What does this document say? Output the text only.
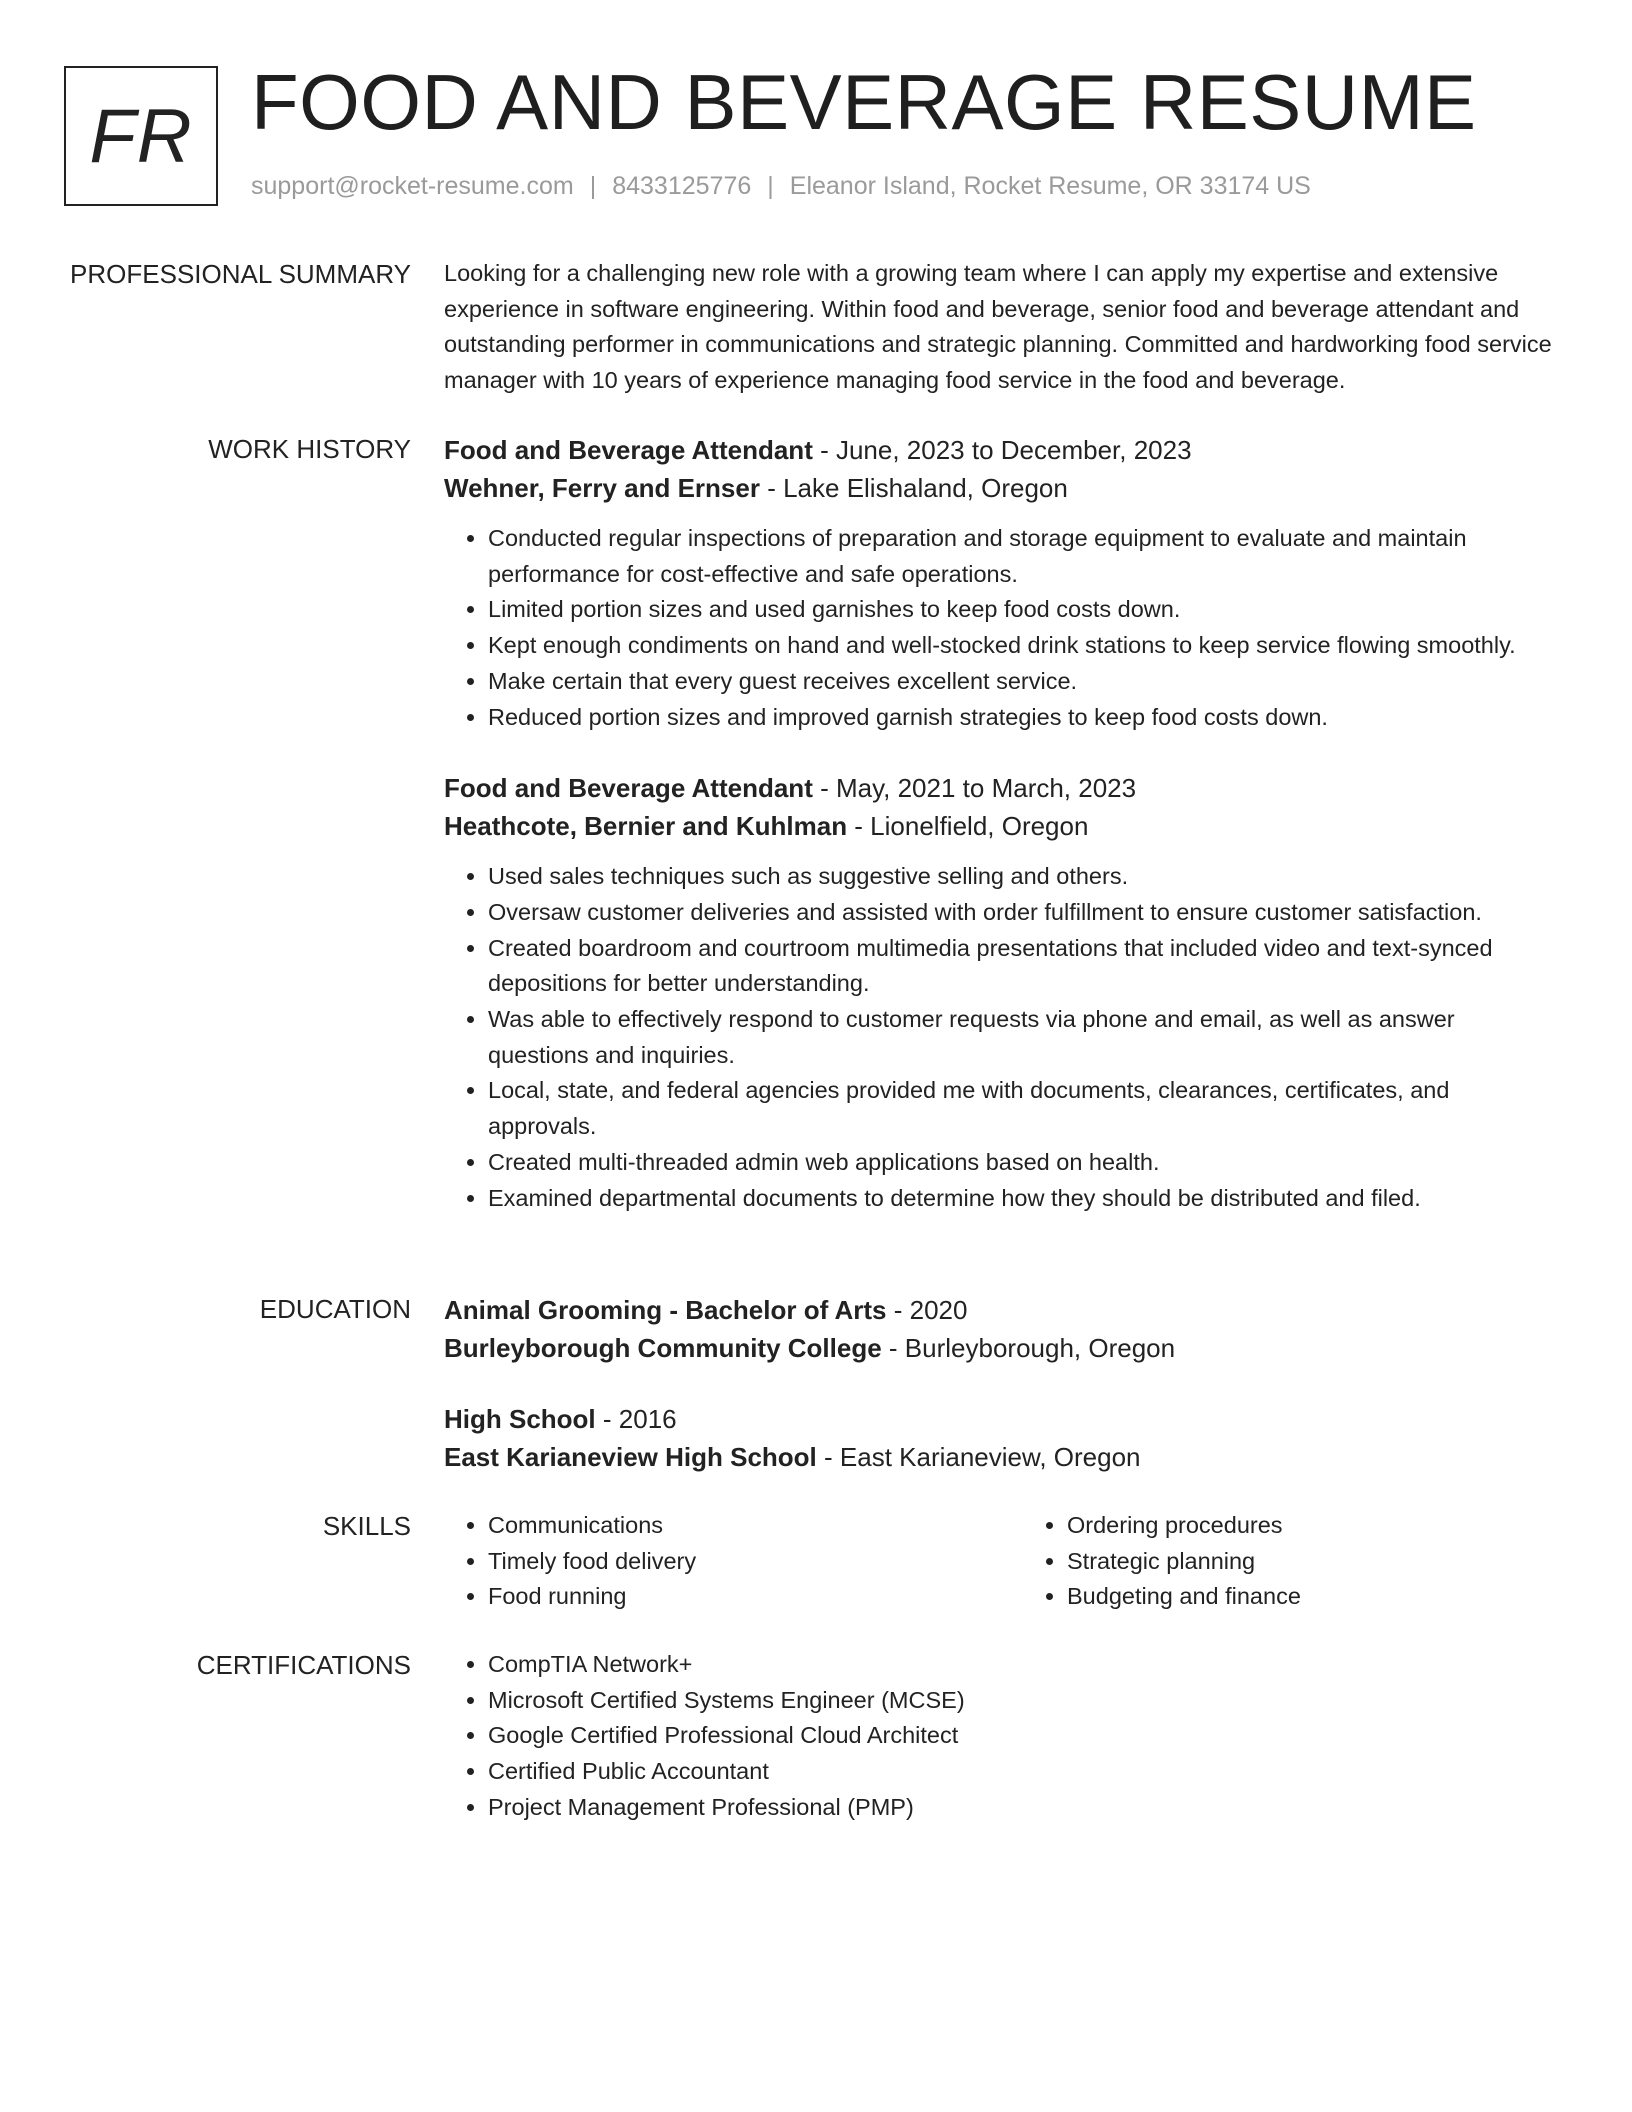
FR FOOD AND BEVERAGE RESUME
support@rocket-resume.com | 8433125776 | Eleanor Island, Rocket Resume, OR 33174 US
PROFESSIONAL SUMMARY Looking for a challenging new role with a growing team where I can apply my expertise and extensive experience in software engineering. Within food and beverage, senior food and beverage attendant and outstanding performer in communications and strategic planning. Committed and hardworking food service manager with 10 years of experience managing food service in the food and beverage.

WORK HISTORY Food and Beverage Attendant - June, 2023 to December, 2023

Wehner, Ferry and Ernser - Lake Elishaland, Oregon

• Conducted regular inspections of preparation and storage equipment to evaluate and maintain performance for cost-effective and safe operations.
• Limited portion sizes and used garnishes to keep food costs down.
• Kept enough condiments on hand and well-stocked drink stations to keep service flowing smoothly.
• Make certain that every guest receives excellent service.
• Reduced portion sizes and improved garnish strategies to keep food costs down.

Food and Beverage Attendant - May, 2021 to March, 2023

Heathcote, Bernier and Kuhlman - Lionelfield, Oregon

• Used sales techniques such as suggestive selling and others.
• Oversaw customer deliveries and assisted with order fulfillment to ensure customer satisfaction.
• Created boardroom and courtroom multimedia presentations that included video and text-synced depositions for better understanding.
• Was able to effectively respond to customer requests via phone and email, as well as answer questions and inquiries.
• Local, state, and federal agencies provided me with documents, clearances, certificates, and approvals.
• Created multi-threaded admin web applications based on health.
• Examined departmental documents to determine how they should be distributed and filed.
EDUCATION Animal Grooming - Bachelor of Arts - 2020

Burleyborough Community College - Burleyborough, Oregon

High School - 2016

East Karianeview High School - East Karianeview, Oregon

SKILLS	• Communications
• Timely food delivery
• Food running
• Ordering procedures
• Strategic planning
• Budgeting and finance
CERTIFICATIONS	• CompTIA Network+
• Microsoft Certified Systems Engineer (MCSE)
• Google Certified Professional Cloud Architect
• Certified Public Accountant
• Project Management Professional (PMP)
